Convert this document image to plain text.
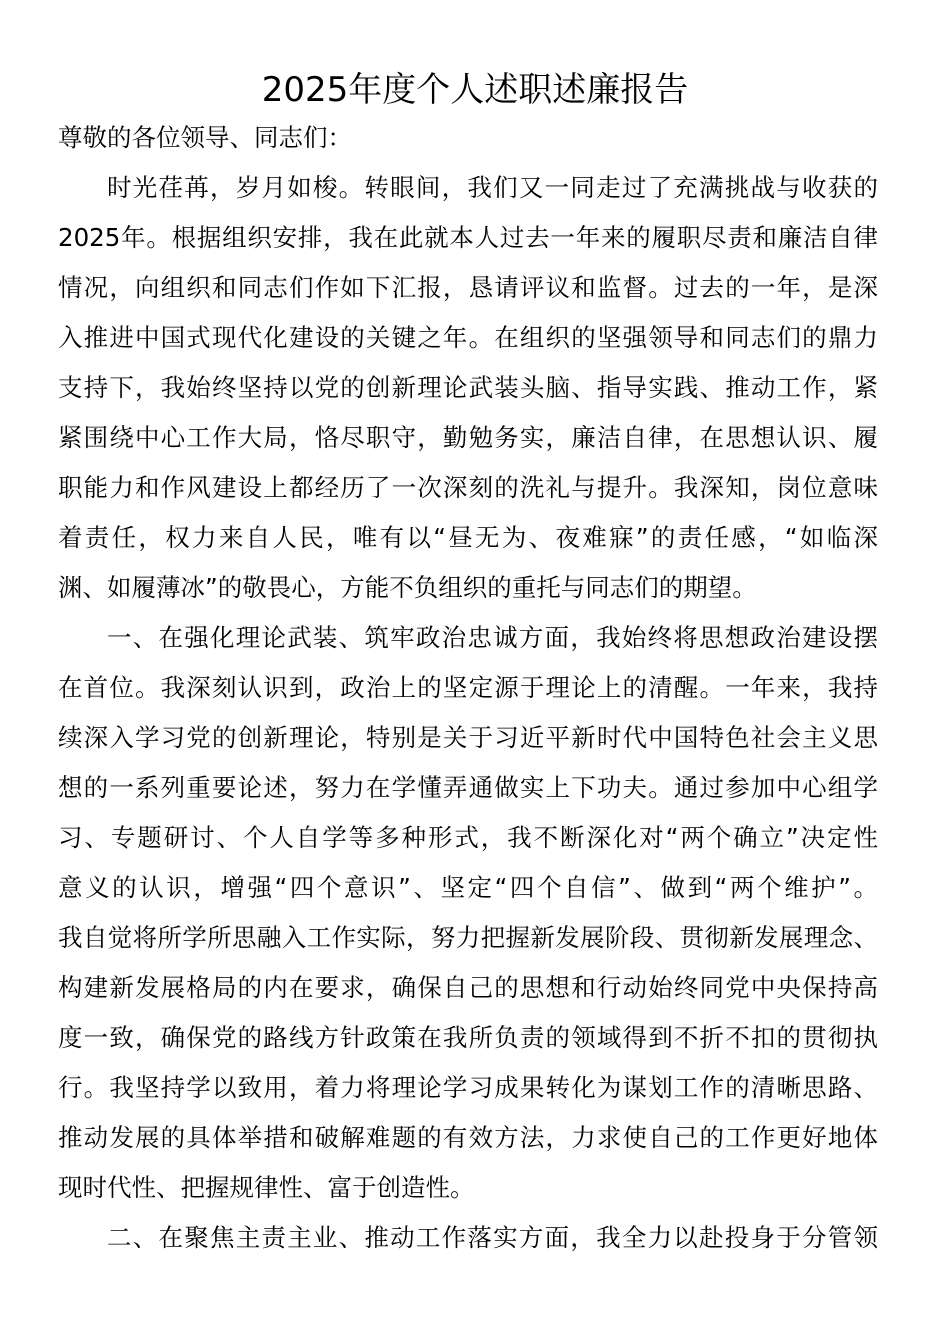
2025年度个人述职述廉报告
尊敬的各位领导、同志们：
时光荏苒，岁月如梭。转眼间，我们又一同走过了充满挑战与收获的
2025年。根据组织安排，我在此就本人过去一年来的履职尽责和廉洁自律
情况，向组织和同志们作如下汇报，恳请评议和监督。过去的一年，是深
入推进中国式现代化建设的关键之年。在组织的坚强领导和同志们的鼎力
支持下，我始终坚持以党的创新理论武装头脑、指导实践、推动工作，紧
紧围绕中心工作大局，恪尽职守，勤勉务实，廉洁自律，在思想认识、履
职能力和作风建设上都经历了一次深刻的洗礼与提升。我深知，岗位意味
着责任，权力来自人民，唯有以“昼无为、夜难寐”的责任感，“如临深
渊、如履薄冰”的敬畏心，方能不负组织的重托与同志们的期望。
一、在强化理论武装、筑牢政治忠诚方面，我始终将思想政治建设摆
在首位。我深刻认识到，政治上的坚定源于理论上的清醒。一年来，我持
续深入学习党的创新理论，特别是关于习近平新时代中国特色社会主义思
想的一系列重要论述，努力在学懂弄通做实上下功夫。通过参加中心组学
习、专题研讨、个人自学等多种形式，我不断深化对“两个确立”决定性
意义的认识，增强“四个意识”、坚定“四个自信”、做到“两个维护”。
我自觉将所学所思融入工作实际，努力把握新发展阶段、贯彻新发展理念、
构建新发展格局的内在要求，确保自己的思想和行动始终同党中央保持高
度一致，确保党的路线方针政策在我所负责的领域得到不折不扣的贯彻执
行。我坚持学以致用，着力将理论学习成果转化为谋划工作的清晰思路、
推动发展的具体举措和破解难题的有效方法，力求使自己的工作更好地体
现时代性、把握规律性、富于创造性。
二、在聚焦主责主业、推动工作落实方面，我全力以赴投身于分管领
